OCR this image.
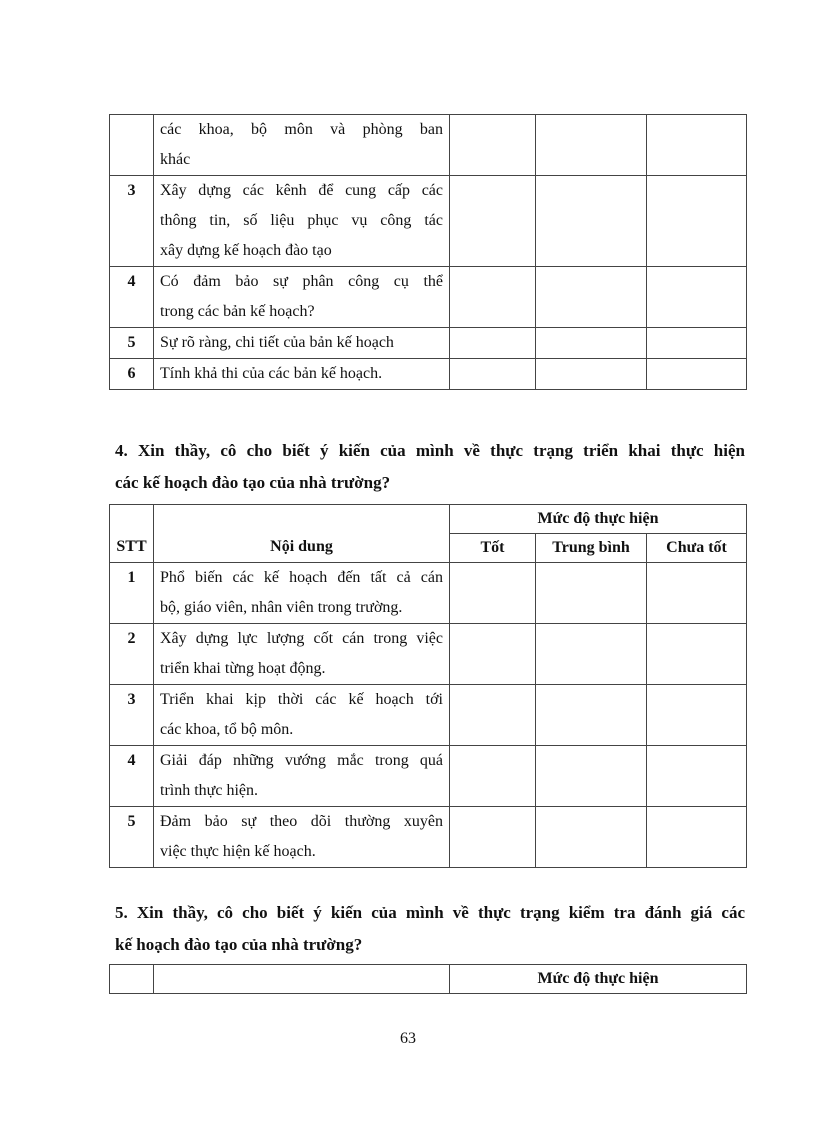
	các khoa, bộ môn và phòng ban
khác			

3	Xây dựng các kênh để cung cấp các
thông tin, số liệu phục vụ công tác
xây dựng kế hoạch đào tạo			

4	Có đảm bảo sự phân công cụ thể
trong các bản kế hoạch?			

5	Sự rõ ràng, chi tiết của bản kế hoạch			

6	Tính khả thi của các bản kế hoạch.			

4. Xin thầy, cô cho biết ý kiến của mình về thực trạng triển khai thực hiện
các kế hoạch đào tạo của nhà trường?
STT	Nội dung	Mức độ thực hiện		
		Tốt	Trung bình	Chưa tốt
1	Phổ biến các kế hoạch đến tất cả cán
bộ, giáo viên, nhân viên trong trường.			

2	Xây dựng lực lượng cốt cán trong việc
triển khai từng hoạt động.			

3	Triển khai kịp thời các kế hoạch tới
các khoa, tổ bộ môn.			

4	Giải đáp những vướng mắc trong quá
trình thực hiện.			

5	Đảm bảo sự theo dõi thường xuyên
việc thực hiện kế hoạch.			

5. Xin thầy, cô cho biết ý kiến của mình về thực trạng kiểm tra đánh giá các
kế hoạch đào tạo của nhà trường?
		Mức độ thực hiện
63
